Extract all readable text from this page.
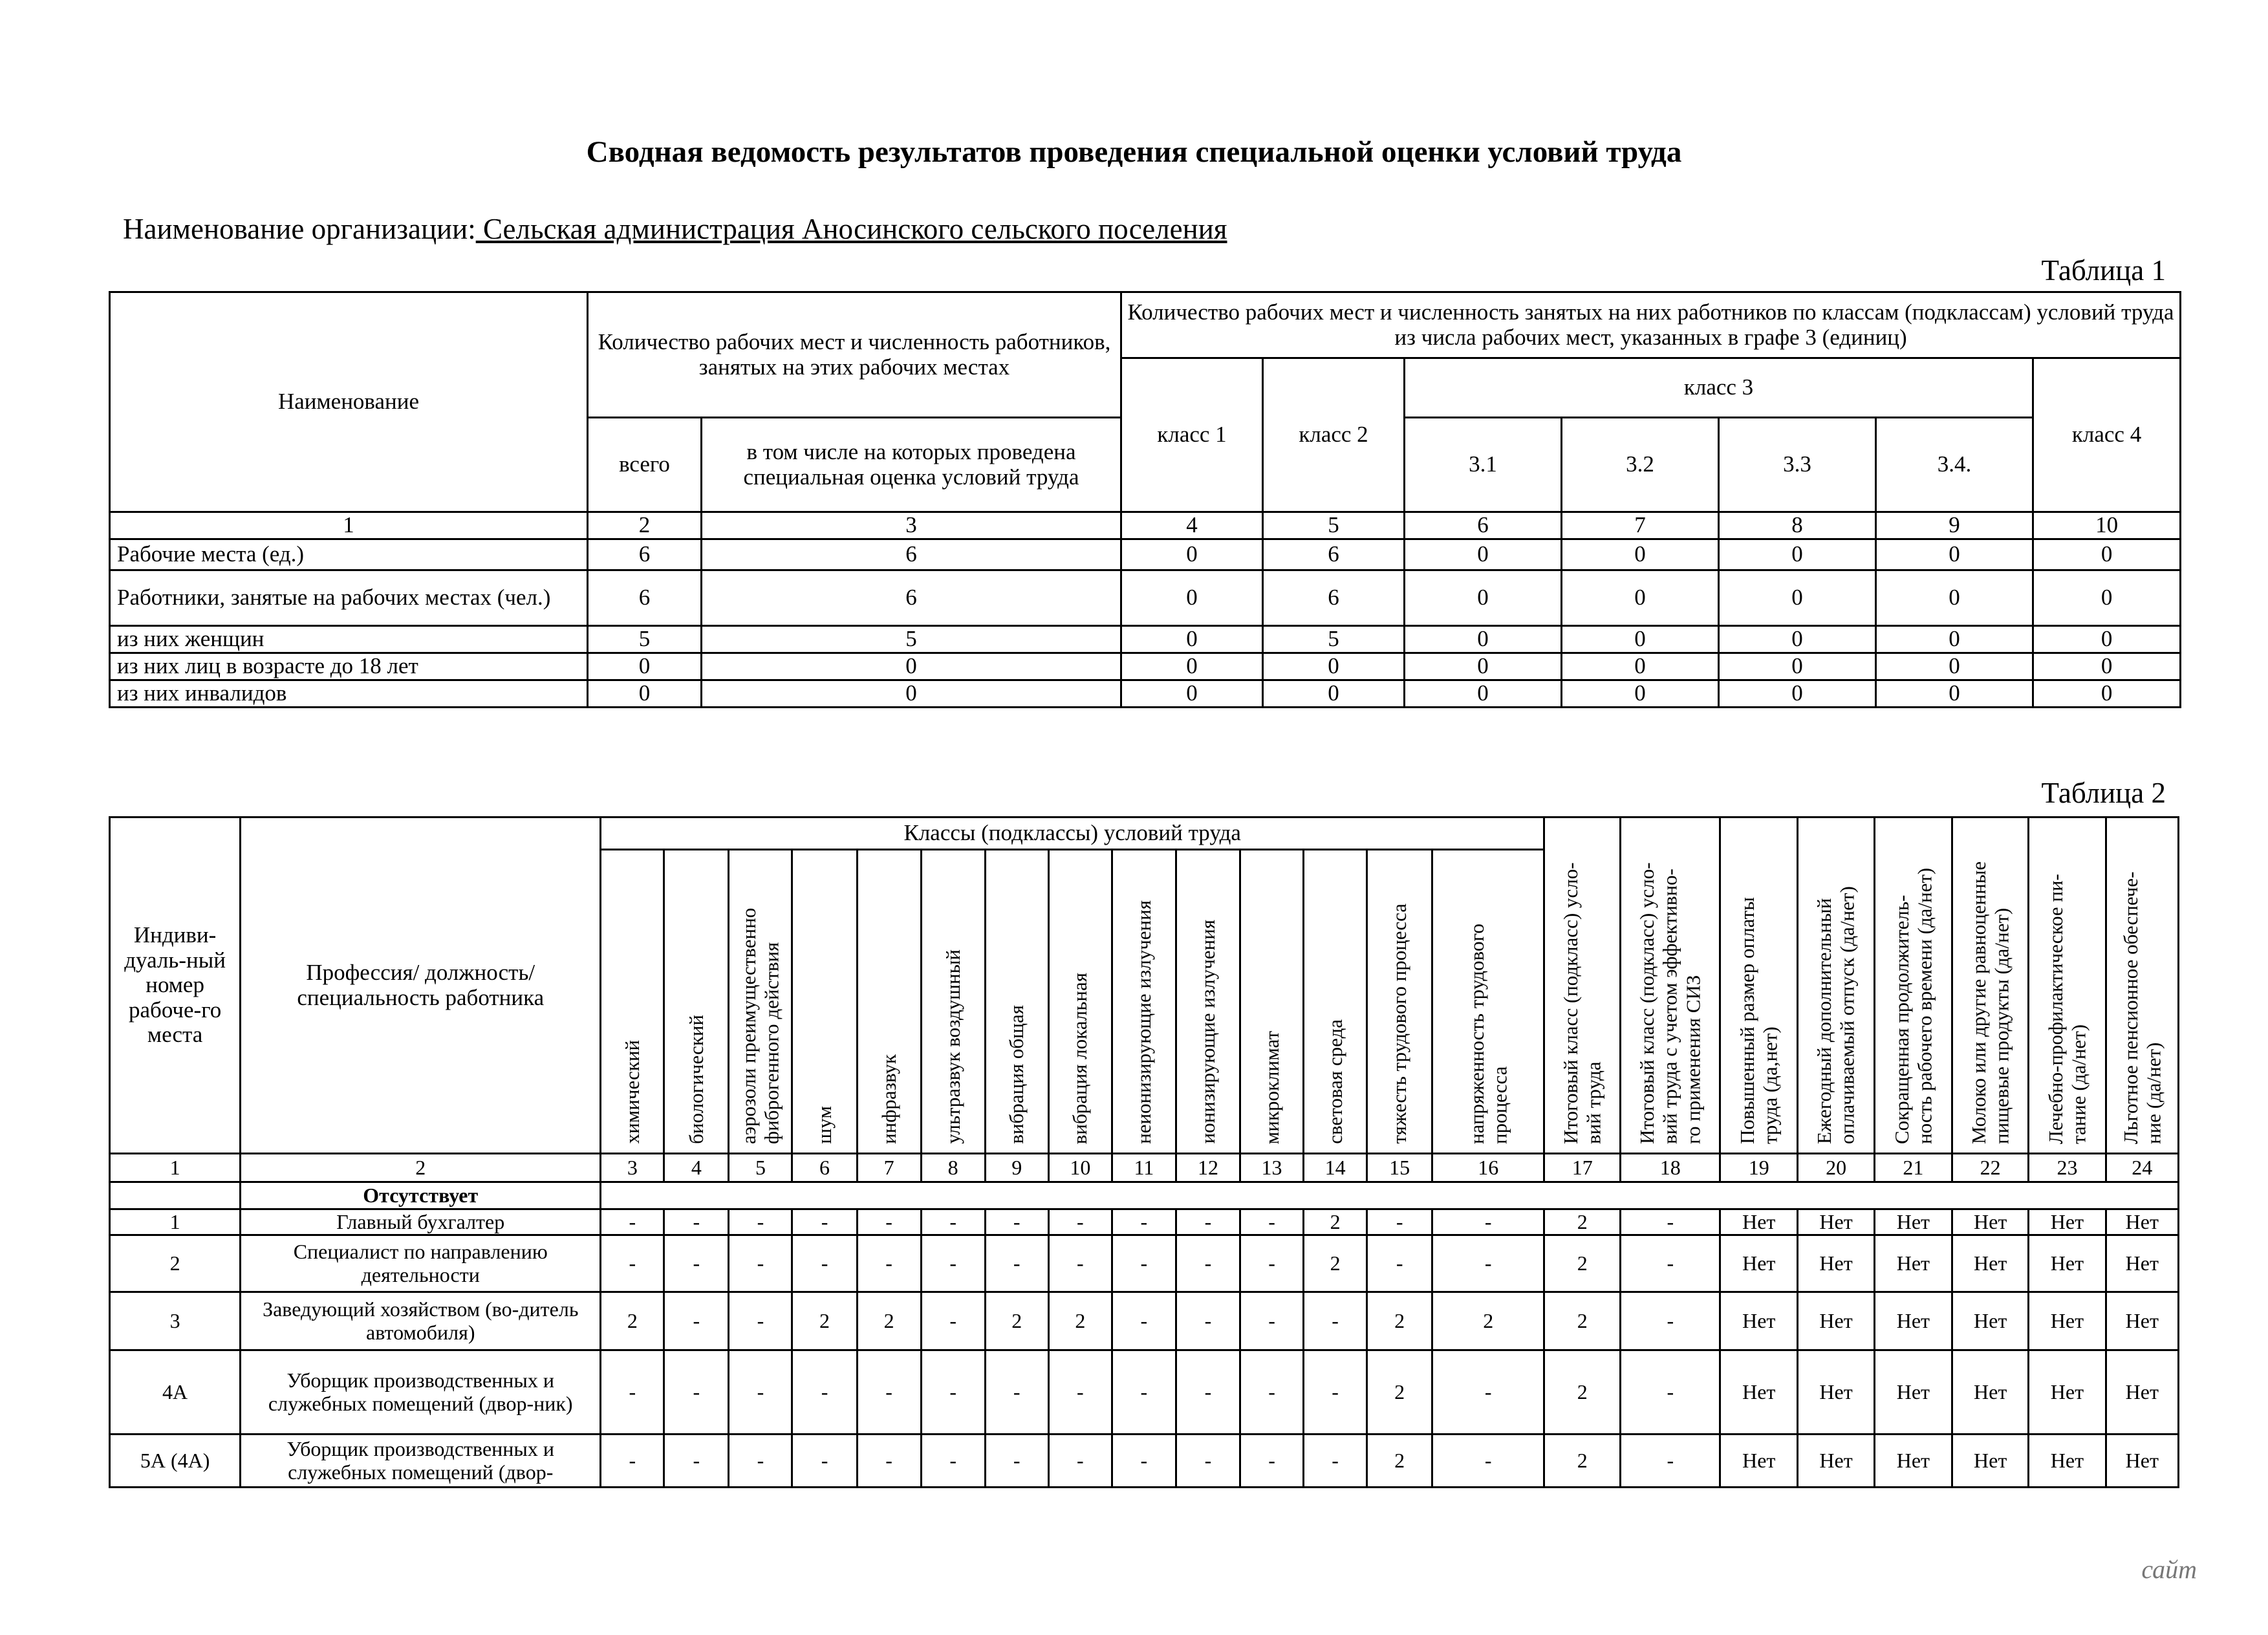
Сводная ведомость результатов проведения специальной оценки условий труда
Наименование организации: Сельская администрация Аносинского сельского поселения
Таблица 1
Наименование	Количество рабочих мест и численность работников, занятых на этих рабочих местах		Количество рабочих мест и численность занятых на них работников по классам (подклассам) условий труда из числа рабочих мест, указанных в графе 3 (единиц)						
			класс 1	класс 2	класс 3				класс 4
	всего	в том числе на которых проведена специальная оценка условий труда			3.1	3.2	3.3	3.4.	
1	2	3	4	5	6	7	8	9	10
Рабочие места (ед.)	6	6	0	6	0	0	0	0	0
Работники, занятые на рабочих местах (чел.)	6	6	0	6	0	0	0	0	0
из них женщин	5	5	0	5	0	0	0	0	0
из них лиц в возрасте до 18 лет	0	0	0	0	0	0	0	0	0
из них инвалидов	0	0	0	0	0	0	0	0	0
Таблица 2
Индиви-дуаль-ный номер рабоче-го места	Профессия/ должность/ специальность работника	Классы (подклассы) условий труда														Итоговый класс (подкласс) усло-вий труда	Итоговый класс (подкласс) усло-вий труда с учетом эффективно-го применения СИЗ	Повышенный размер оплаты труда (да,нет)	Ежегодный дополнительный оплачиваемый отпуск (да/нет)	Сокращенная продолжитель-ность рабочего времени (да/нет)	Молоко или другие равноценные пищевые продукты (да/нет)	Лечебно-профилактическое пи-тание (да/нет)	Льготное пенсионное обеспече-ние (да/нет)
		химический	биологический	аэрозоли преимущественно фиброгенного действия	шум	инфразвук	ультразвук воздушный	вибрация общая	вибрация локальная	неионизирующие излучения	ионизирующие излучения	микроклимат	световая среда	тяжесть трудового процесса	напряженность трудового процесса								
1	2	3	4	5	6	7	8	9	10	11	12	13	14	15	16	17	18	19	20	21	22	23	24
	Отсутствует																						
1	Главный бухгалтер	-	-	-	-	-	-	-	-	-	-	-	2	-	-	2	-	Нет	Нет	Нет	Нет	Нет	Нет
2	Специалист по направлению деятельности	-	-	-	-	-	-	-	-	-	-	-	2	-	-	2	-	Нет	Нет	Нет	Нет	Нет	Нет
3	Заведующий хозяйством (во-дитель автомобиля)	2	-	-	2	2	-	2	2	-	-	-	-	2	2	2	-	Нет	Нет	Нет	Нет	Нет	Нет
4А	Уборщик производственных и служебных помещений (двор-ник)	-	-	-	-	-	-	-	-	-	-	-	-	2	-	2	-	Нет	Нет	Нет	Нет	Нет	Нет
5А (4А)	Уборщик производственных и служебных помещений (двор-	-	-	-	-	-	-	-	-	-	-	-	-	2	-	2	-	Нет	Нет	Нет	Нет	Нет	Нет
сайт
